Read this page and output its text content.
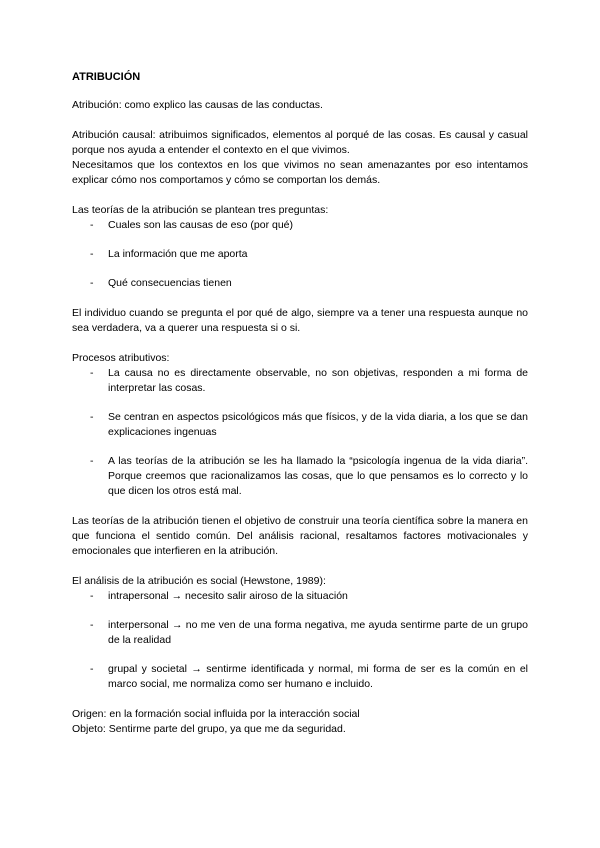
ATRIBUCIÓN

Atribución: como explico las causas de las conductas.

Atribución causal: atribuimos significados, elementos al porqué de las cosas. Es causal y casual porque nos ayuda a entender el contexto en el que vivimos.

Necesitamos que los contextos en los que vivimos no sean amenazantes por eso intentamos explicar cómo nos comportamos y cómo se comportan los demás.

Las teorías de la atribución se plantean tres preguntas:

- Cuales son las causas de eso (por qué)
- La información que me aporta
- Qué consecuencias tienen

El individuo cuando se pregunta el por qué de algo, siempre va a tener una respuesta aunque no sea verdadera, va a querer una respuesta si o si.

Procesos atributivos:

- La causa no es directamente observable, no son objetivas, responden a mi forma de interpretar las cosas.
- Se centran en aspectos psicológicos más que físicos, y de la vida diaria, a los que se dan explicaciones ingenuas
- A las teorías de la atribución se les ha llamado la “psicología ingenua de la vida diaria”. Porque creemos que racionalizamos las cosas, que lo que pensamos es lo correcto y lo que dicen los otros está mal.

Las teorías de la atribución tienen el objetivo de construir una teoría científica sobre la manera en que funciona el sentido común. Del análisis racional, resaltamos factores motivacionales y emocionales que interfieren en la atribución.

El análisis de la atribución es social (Hewstone, 1989):

- intrapersonal → necesito salir airoso de la situación
- interpersonal → no me ven de una forma negativa, me ayuda sentirme parte de un grupo de la realidad
- grupal y societal → sentirme identificada y normal, mi forma de ser es la común en el marco social, me normaliza como ser humano e incluido.

Origen: en la formación social influida por la interacción social

Objeto: Sentirme parte del grupo, ya que me da seguridad.
